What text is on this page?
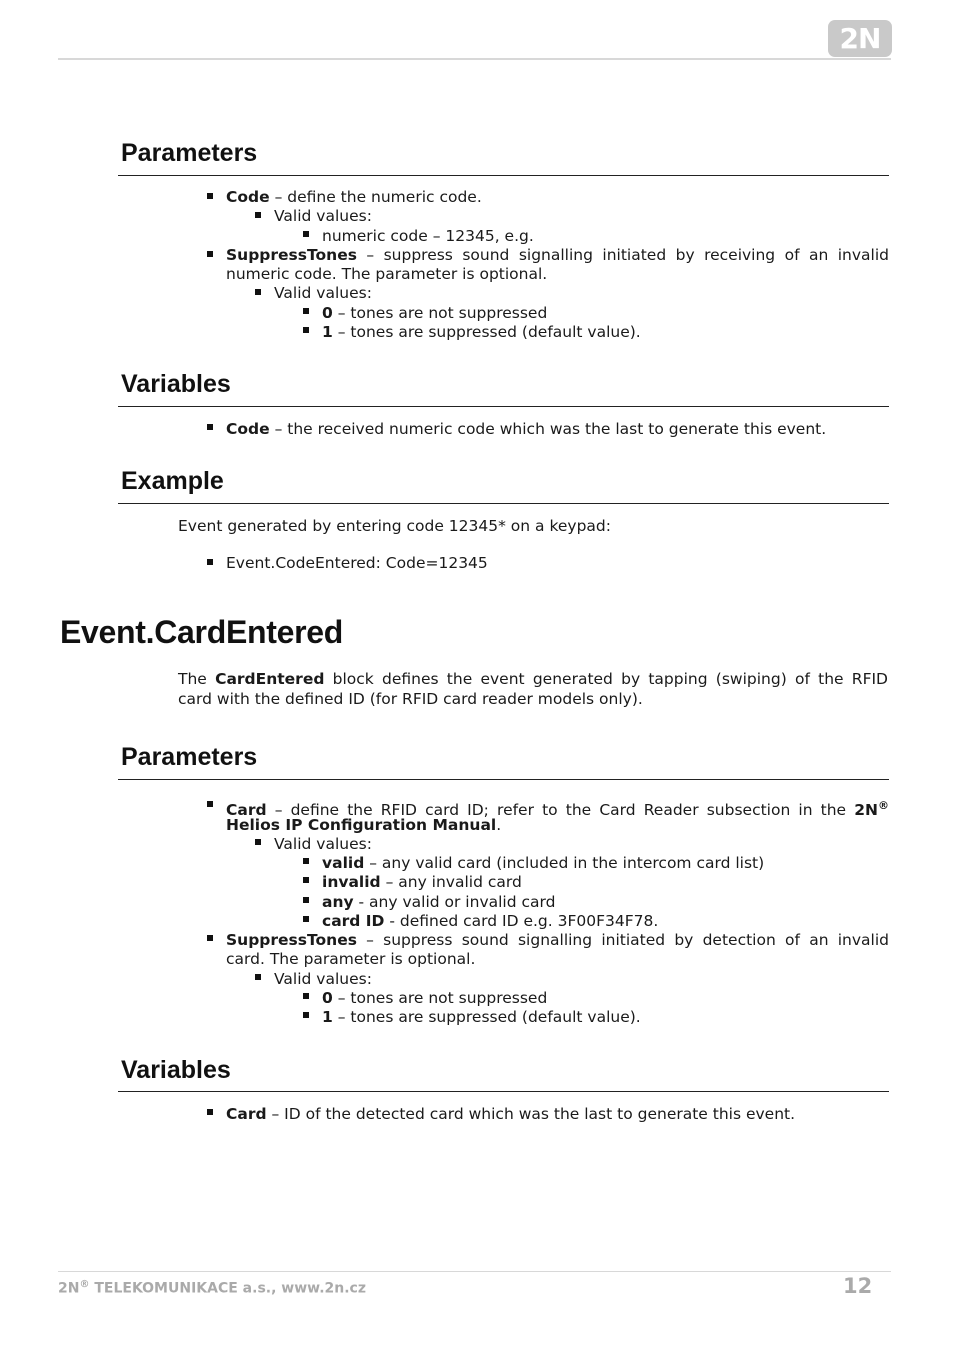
2N
Parameters
Code – define the numeric code.
Valid values:
numeric code – 12345, e.g.
SuppressTones – suppress sound signalling initiated by receiving of an invalid
numeric code. The parameter is optional.
Valid values:
0 – tones are not suppressed
1 – tones are suppressed (default value).
Variables
Code – the received numeric code which was the last to generate this event.
Example
Event generated by entering code 12345* on a keypad:
Event.CodeEntered: Code=12345
Event.CardEntered
The CardEntered block defines the event generated by tapping (swiping) of the RFID
card with the defined ID (for RFID card reader models only).
Parameters
Card – define the RFID card ID; refer to the Card Reader subsection in the 2N®
Helios IP Configuration Manual.
Valid values:
valid – any valid card (included in the intercom card list)
invalid – any invalid card
any - any valid or invalid card
card ID - defined card ID e.g. 3F00F34F78.
SuppressTones – suppress sound signalling initiated by detection of an invalid
card. The parameter is optional.
Valid values:
0 – tones are not suppressed
1 – tones are suppressed (default value).
Variables
Card – ID of the detected card which was the last to generate this event.
2N® TELEKOMUNIKACE a.s., www.2n.cz	12
